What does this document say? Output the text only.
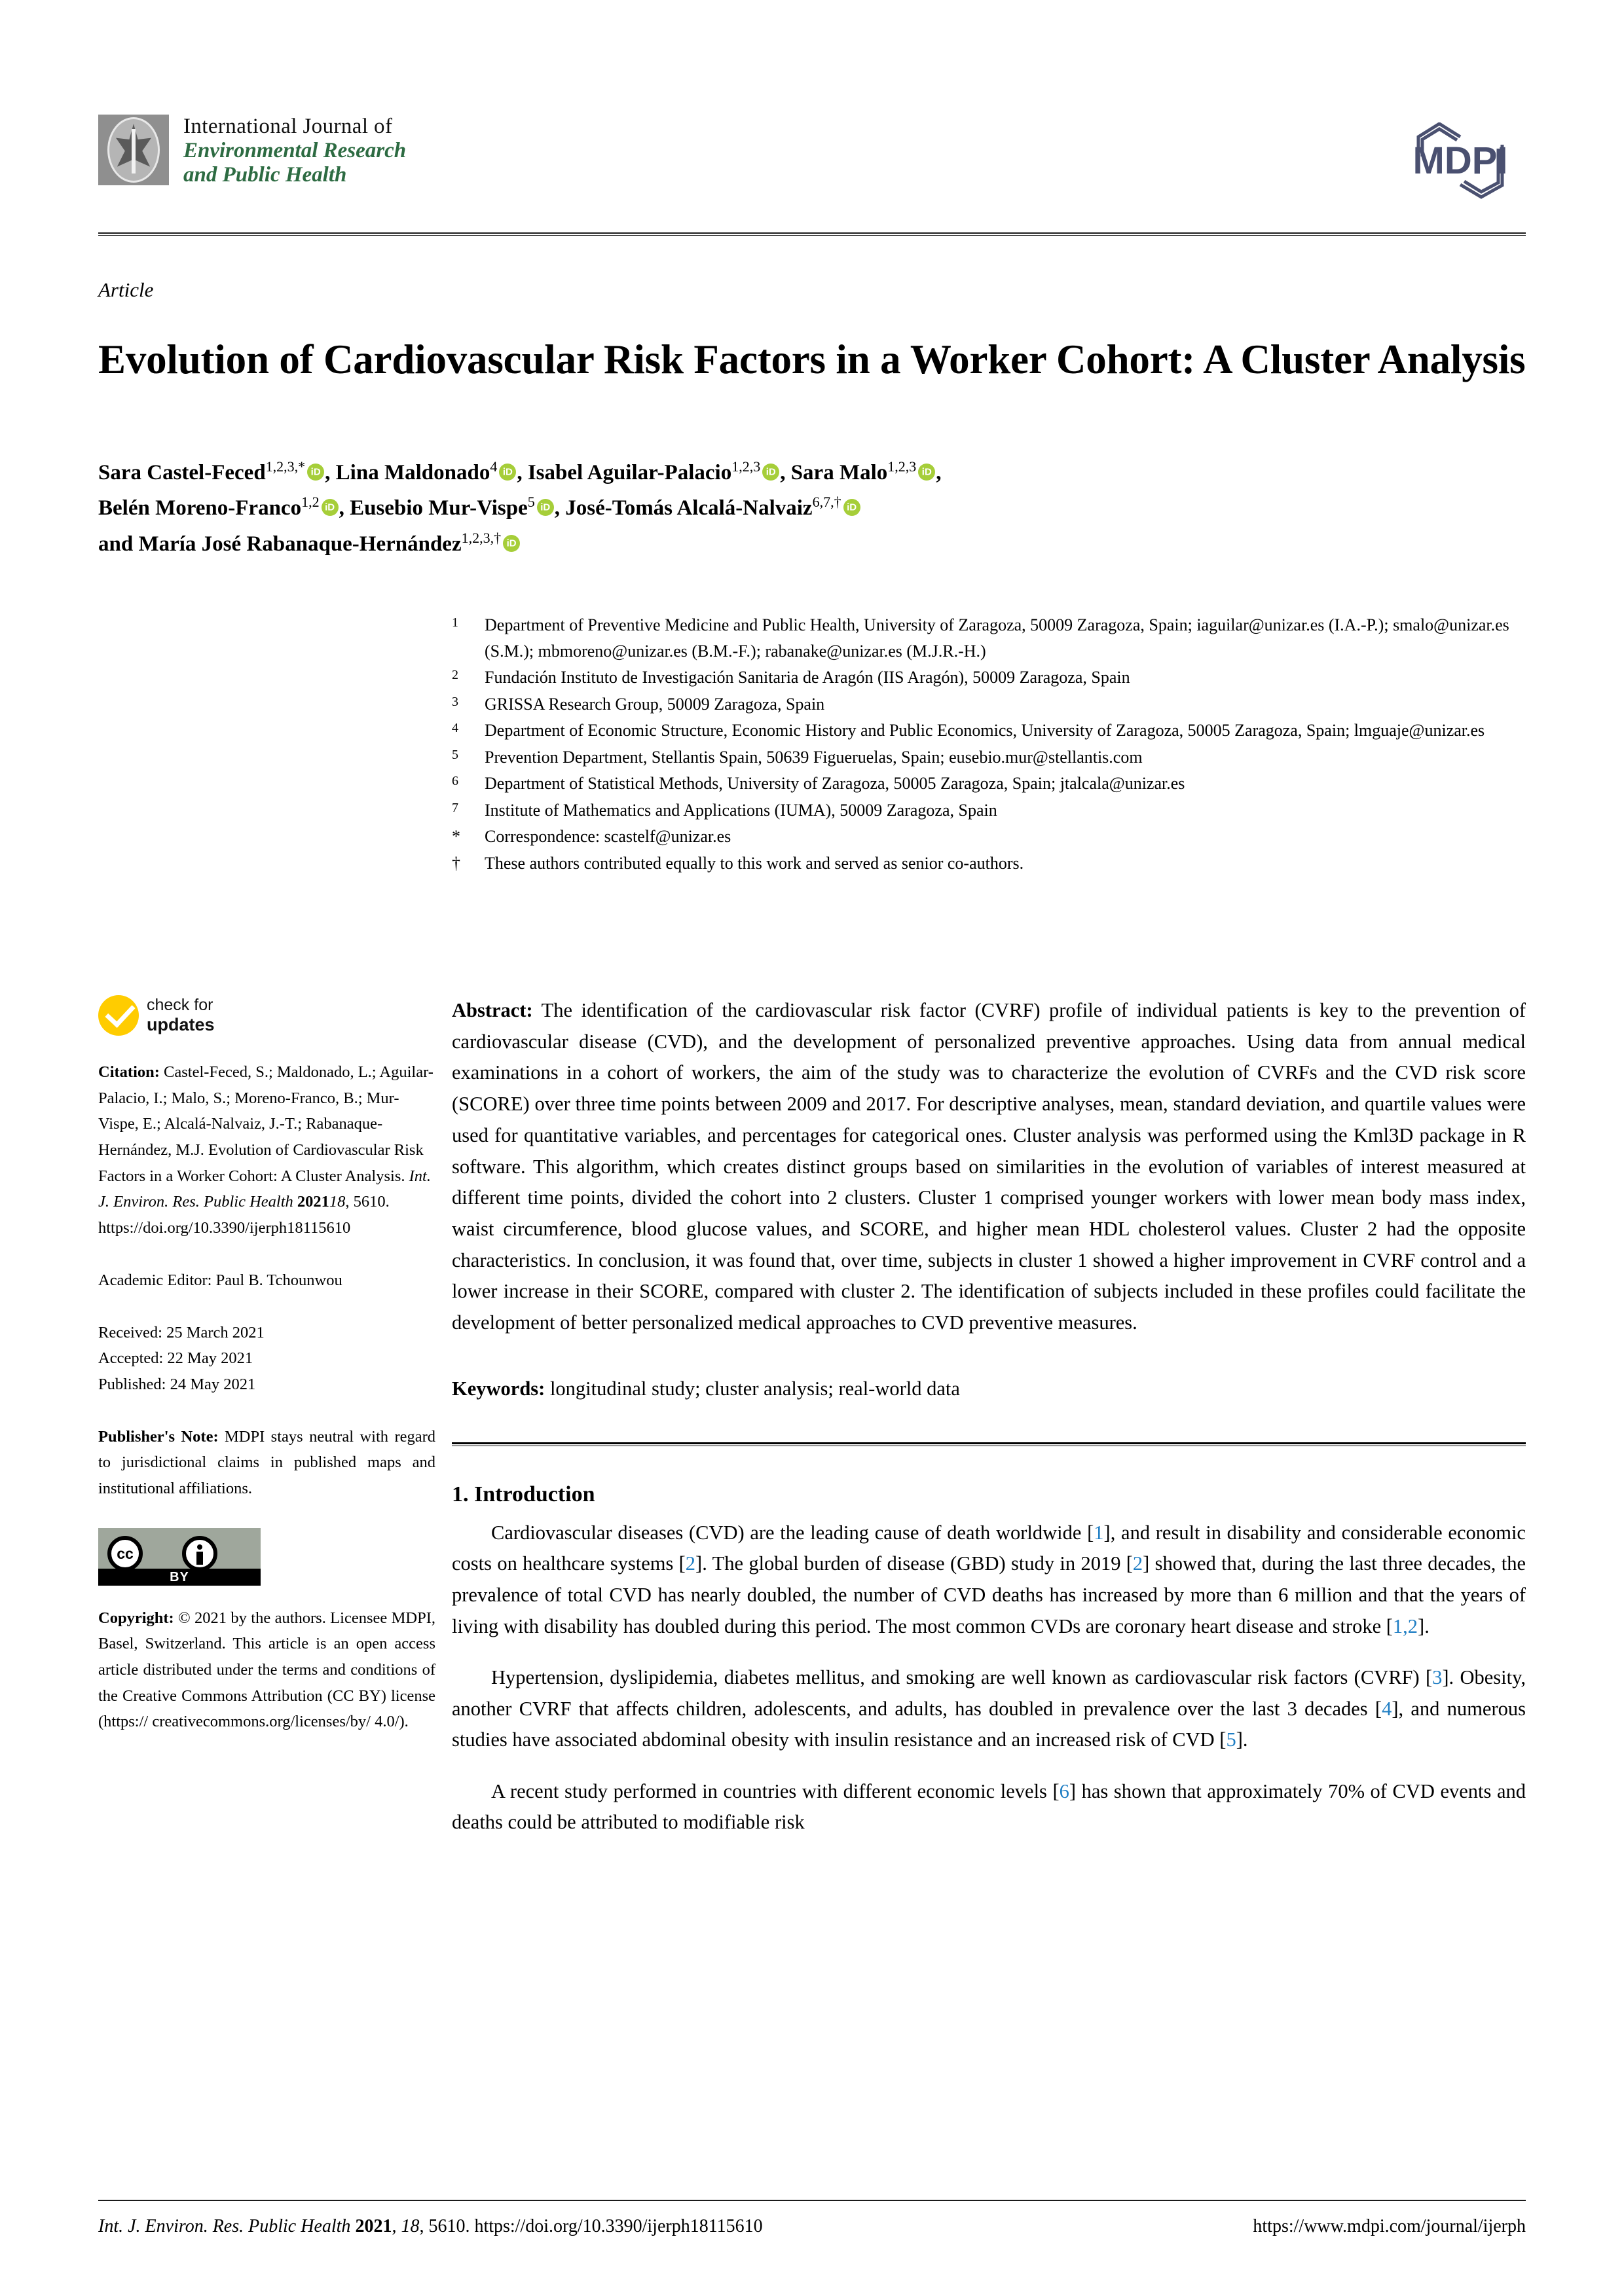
International Journal of
Environmental Research
and Public Health	MDPI
Article
Evolution of Cardiovascular Risk Factors in a Worker Cohort: A Cluster Analysis
Sara Castel-Feced$^{1,2,3,*}$ iD , Lina Maldonado$^4$ iD , Isabel Aguilar-Palacio$^{1,2,3}$ iD , Sara Malo$^{1,2,3}$ iD ,
Belén Moreno-Franco$^{1,2}$ iD , Eusebio Mur-Vispe$^5$ iD , José-Tomás Alcalá-Nalvaiz$^{6,7,\dagger}$iD
and María José Rabanaque-Hernández$^{1,2,3,\dagger}$iD
1	Department of Preventive Medicine and Public Health, University of Zaragoza, 50009 Zaragoza, Spain; iaguilar@unizar.es (I.A.-P.); smalo@unizar.es (S.M.); mbmoreno@unizar.es (B.M.-F.); rabanake@unizar.es (M.J.R.-H.)
2	Fundación Instituto de Investigación Sanitaria de Aragón (IIS Aragón), 50009 Zaragoza, Spain
3	GRISSA Research Group, 50009 Zaragoza, Spain
4	Department of Economic Structure, Economic History and Public Economics, University of Zaragoza, 50005 Zaragoza, Spain; lmguaje@unizar.es
5	Prevention Department, Stellantis Spain, 50639 Figueruelas, Spain; eusebio.mur@stellantis.com
6	Department of Statistical Methods, University of Zaragoza, 50005 Zaragoza, Spain; jtalcala@unizar.es
7	Institute of Mathematics and Applications (IUMA), 50009 Zaragoza, Spain
*	Correspondence: scastelf@unizar.es
†	These authors contributed equally to this work and served as senior co-authors.
check for
updates
Citation: Castel-Feced, S.; Maldonado, L.; Aguilar-Palacio, I.; Malo, S.; Moreno-Franco, B.; Mur-Vispe, E.; Alcalá-Nalvaiz, J.-T.; Rabanaque-Hernández, M.J. Evolution of Cardiovascular Risk Factors in a Worker Cohort: A Cluster Analysis. Int. J. Environ. Res. Public Health 202118, 5610. https://doi.org/10.3390/ijerph18115610
Academic Editor: Paul B. Tchounwou
Received: 25 March 2021
Accepted: 22 May 2021
Published: 24 May 2021
Publisher's Note: MDPI stays neutral with regard to jurisdictional claims in published maps and institutional affiliations.
cc
BY
Copyright: © 2021 by the authors. Licensee MDPI, Basel, Switzerland. This article is an open access article distributed under the terms and conditions of the Creative Commons Attribution (CC BY) license (https:// creativecommons.org/licenses/by/ 4.0/).
Abstract: The identification of the cardiovascular risk factor (CVRF) profile of individual patients is key to the prevention of cardiovascular disease (CVD), and the development of personalized preventive approaches. Using data from annual medical examinations in a cohort of workers, the aim of the study was to characterize the evolution of CVRFs and the CVD risk score (SCORE) over three time points between 2009 and 2017. For descriptive analyses, mean, standard deviation, and quartile values were used for quantitative variables, and percentages for categorical ones. Cluster analysis was performed using the Kml3D package in R software. This algorithm, which creates distinct groups based on similarities in the evolution of variables of interest measured at different time points, divided the cohort into 2 clusters. Cluster 1 comprised younger workers with lower mean body mass index, waist circumference, blood glucose values, and SCORE, and higher mean HDL cholesterol values. Cluster 2 had the opposite characteristics. In conclusion, it was found that, over time, subjects in cluster 1 showed a higher improvement in CVRF control and a lower increase in their SCORE, compared with cluster 2. The identification of subjects included in these profiles could facilitate the development of better personalized medical approaches to CVD preventive measures.
Keywords: longitudinal study; cluster analysis; real-world data
1. Introduction

Cardiovascular diseases (CVD) are the leading cause of death worldwide [1], and result in disability and considerable economic costs on healthcare systems [2]. The global burden of disease (GBD) study in 2019 [2] showed that, during the last three decades, the prevalence of total CVD has nearly doubled, the number of CVD deaths has increased by more than 6 million and that the years of living with disability has doubled during this period. The most common CVDs are coronary heart disease and stroke [1,2].

Hypertension, dyslipidemia, diabetes mellitus, and smoking are well known as cardiovascular risk factors (CVRF) [3]. Obesity, another CVRF that affects children, adolescents, and adults, has doubled in prevalence over the last 3 decades [4], and numerous studies have associated abdominal obesity with insulin resistance and an increased risk of CVD [5].

A recent study performed in countries with different economic levels [6] has shown that approximately 70% of CVD events and deaths could be attributed to modifiable risk

Int. J. Environ. Res. Public Health 2021, 18, 5610. https://doi.org/10.3390/ijerph18115610	https://www.mdpi.com/journal/ijerph
